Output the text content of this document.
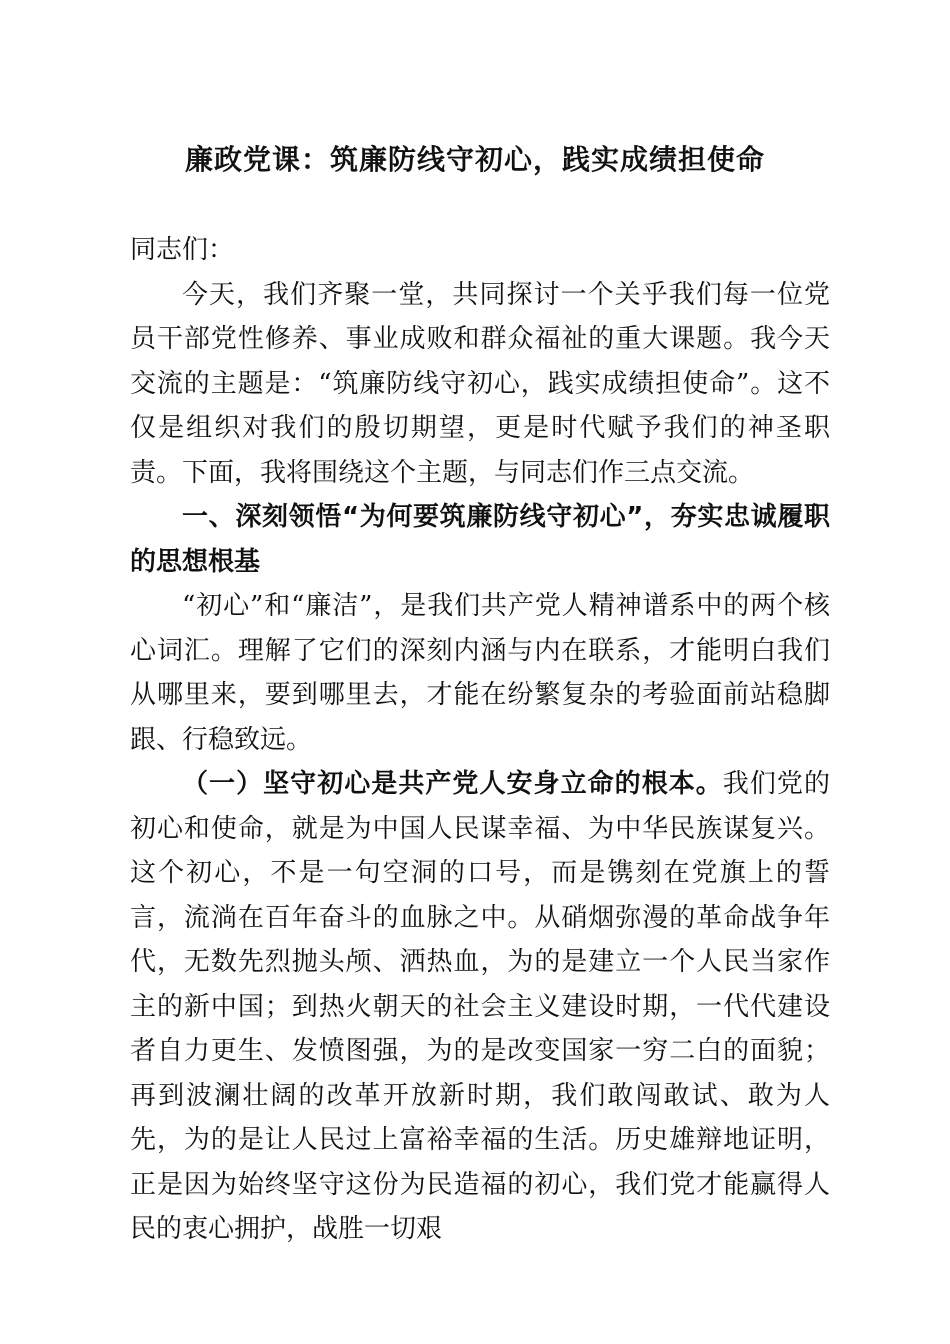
廉政党课：筑廉防线守初心，践实成绩担使命

同志们：

今天，我们齐聚一堂，共同探讨一个关乎我们每一位党员干部党性修养、事业成败和群众福祉的重大课题。我今天交流的主题是：“筑廉防线守初心，践实成绩担使命”。这不仅是组织对我们的殷切期望，更是时代赋予我们的神圣职责。下面，我将围绕这个主题，与同志们作三点交流。

一、深刻领悟“为何要筑廉防线守初心”，夯实忠诚履职的思想根基

“初心”和“廉洁”，是我们共产党人精神谱系中的两个核心词汇。理解了它们的深刻内涵与内在联系，才能明白我们从哪里来，要到哪里去，才能在纷繁复杂的考验面前站稳脚跟、行稳致远。

（一）坚守初心是共产党人安身立命的根本。我们党的初心和使命，就是为中国人民谋幸福、为中华民族谋复兴。这个初心，不是一句空洞的口号，而是镌刻在党旗上的誓言，流淌在百年奋斗的血脉之中。从硝烟弥漫的革命战争年代，无数先烈抛头颅、洒热血，为的是建立一个人民当家作主的新中国；到热火朝天的社会主义建设时期，一代代建设者自力更生、发愤图强，为的是改变国家一穷二白的面貌；再到波澜壮阔的改革开放新时期，我们敢闯敢试、敢为人先，为的是让人民过上富裕幸福的生活。历史雄辩地证明，正是因为始终坚守这份为民造福的初心，我们党才能赢得人民的衷心拥护，战胜一切艰
